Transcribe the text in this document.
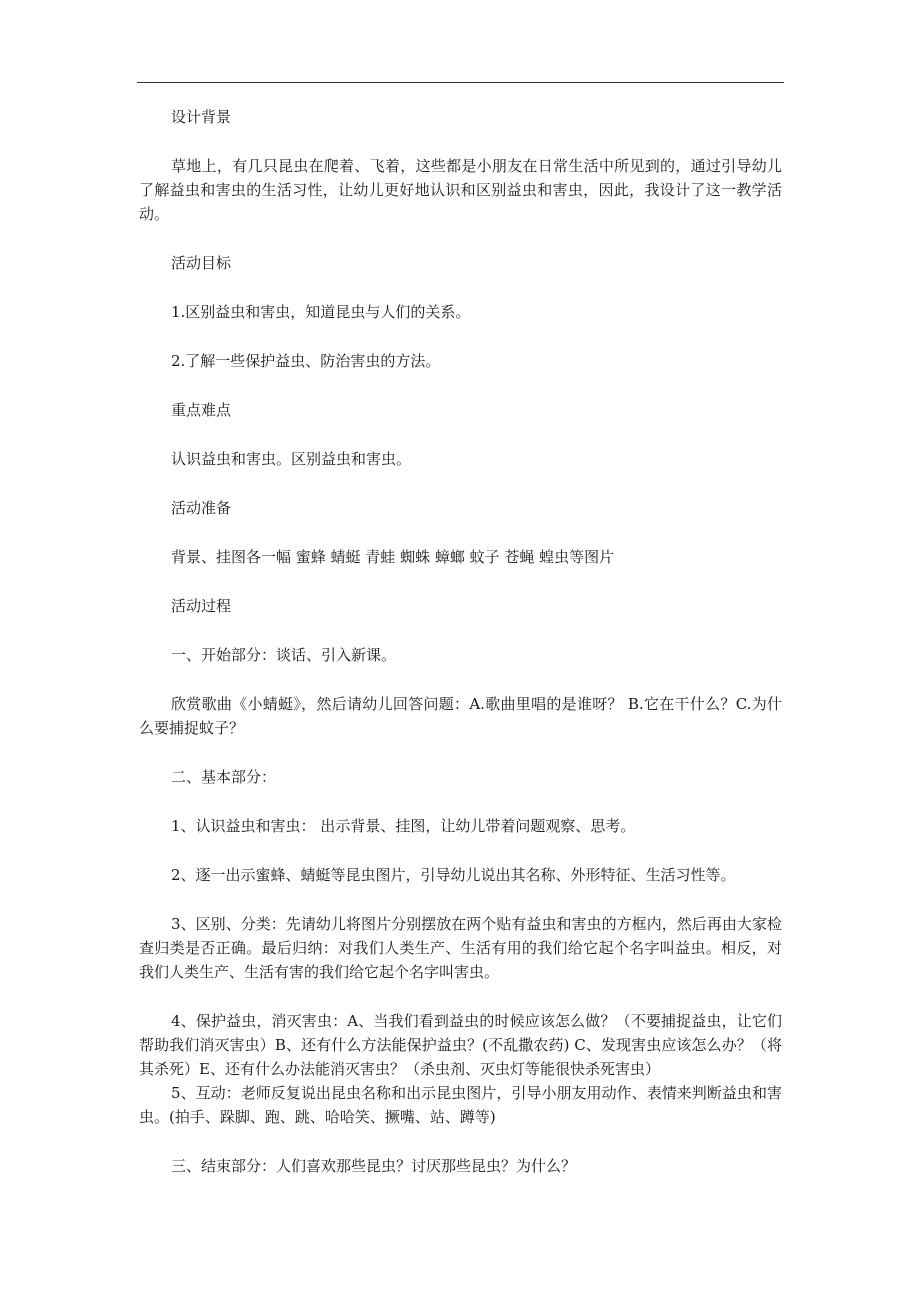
设计背景

草地上，有几只昆虫在爬着、飞着，这些都是小朋友在日常生活中所见到的，通过引导幼儿了解益虫和害虫的生活习性，让幼儿更好地认识和区别益虫和害虫，因此，我设计了这一教学活动。

活动目标

1.区别益虫和害虫，知道昆虫与人们的关系。

2.了解一些保护益虫、防治害虫的方法。

重点难点

认识益虫和害虫。区别益虫和害虫。

活动准备

背景、挂图各一幅 蜜蜂 蜻蜓 青蛙 蜘蛛 蟑螂 蚊子 苍蝇 蝗虫等图片

活动过程

一、开始部分：谈话、引入新课。

欣赏歌曲《小蜻蜓》，然后请幼儿回答问题：A.歌曲里唱的是谁呀？ B.它在干什么？C.为什么要捕捉蚊子？

二、基本部分：

1、认识益虫和害虫： 出示背景、挂图，让幼儿带着问题观察、思考。

2、逐一出示蜜蜂、蜻蜓等昆虫图片，引导幼儿说出其名称、外形特征、生活习性等。

3、区别、分类：先请幼儿将图片分别摆放在两个贴有益虫和害虫的方框内，然后再由大家检查归类是否正确。最后归纳：对我们人类生产、生活有用的我们给它起个名字叫益虫。相反，对我们人类生产、生活有害的我们给它起个名字叫害虫。

4、保护益虫，消灭害虫：A、当我们看到益虫的时候应该怎么做？（不要捕捉益虫，让它们帮助我们消灭害虫）B、还有什么方法能保护益虫？(不乱撒农药) C、发现害虫应该怎么办？（将其杀死）E、还有什么办法能消灭害虫？（杀虫剂、灭虫灯等能很快杀死害虫）

5、互动：老师反复说出昆虫名称和出示昆虫图片，引导小朋友用动作、表情来判断益虫和害虫。(拍手、跺脚、跑、跳、哈哈笑、撅嘴、站、蹲等)

三、结束部分：人们喜欢那些昆虫？讨厌那些昆虫？为什么？
